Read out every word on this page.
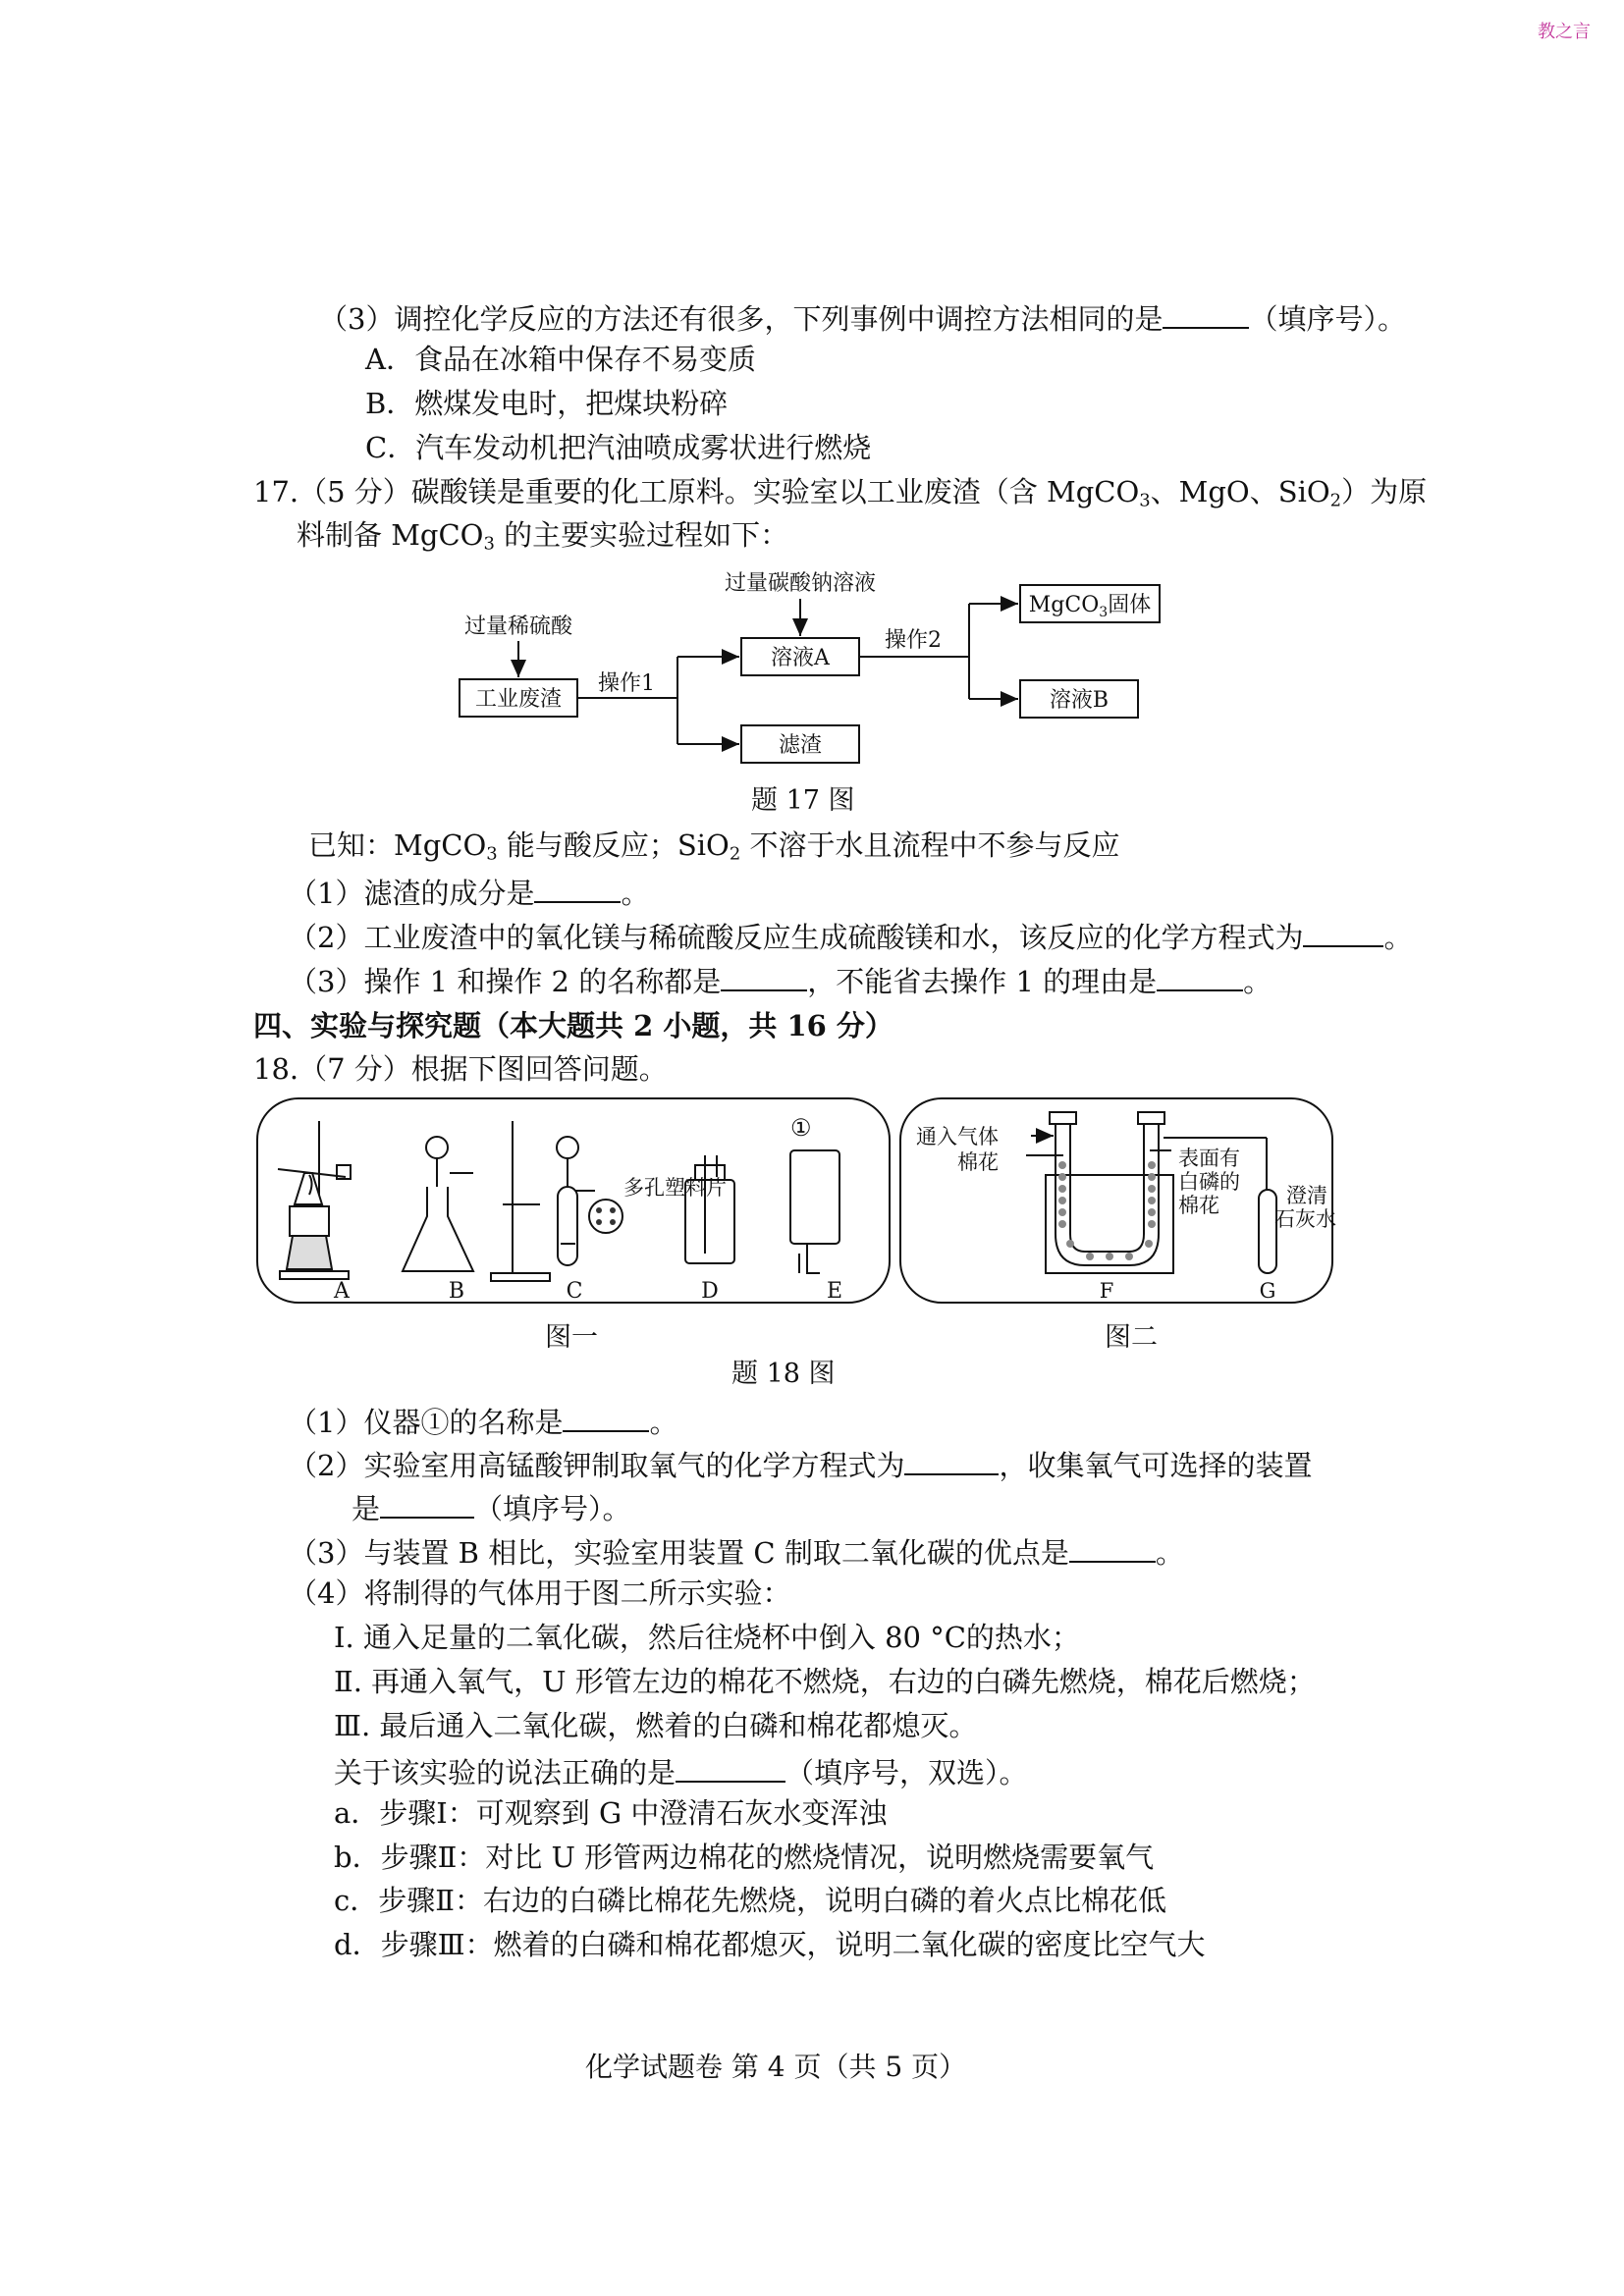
教之言
（3）调控化学反应的方法还有很多，下列事例中调控方法相同的是	（填序号）。
A．食品在冰箱中保存不易变质
B．燃煤发电时，把煤块粉碎
C．汽车发动机把汽油喷成雾状进行燃烧
17.（5 分）碳酸镁是重要的化工原料。实验室以工业废渣（含 MgCO$_3$、MgO、SiO$_2$）为原
料制备 MgCO$_3$ 的主要实验过程如下：
过量稀硫酸
工业废渣
操作1
溶液A
滤渣
过量碳酸钠溶液
操作2
MgCO$_3$固体
溶液B
题 17 图
已知：MgCO$_3$ 能与酸反应；SiO$_2$ 不溶于水且流程中不参与反应
（1）滤渣的成分是	。
（2）工业废渣中的氧化镁与稀硫酸反应生成硫酸镁和水，该反应的化学方程式为	。
（3）操作 1 和操作 2 的名称都是	，不能省去操作 1 的理由是	。
四、实验与探究题（本大题共 2 小题，共 16 分）
18.（7 分）根据下图回答问题。
多孔塑料片
①
A	B	C	D	E
通入气体
棉花	表面有
白磷的
棉花	澄清
石灰水
F	G
图一	图二
题 18 图
（1）仪器①的名称是	。
（2）实验室用高锰酸钾制取氧气的化学方程式为	，收集氧气可选择的装置
是	（填序号）。
（3）与装置 B 相比，实验室用装置 C 制取二氧化碳的优点是	。
（4）将制得的气体用于图二所示实验：
Ⅰ. 通入足量的二氧化碳，然后往烧杯中倒入 80 °C的热水；
Ⅱ. 再通入氧气，U 形管左边的棉花不燃烧，右边的白磷先燃烧，棉花后燃烧；
Ⅲ. 最后通入二氧化碳，燃着的白磷和棉花都熄灭。
关于该实验的说法正确的是	（填序号，双选）。
a．步骤Ⅰ：可观察到 G 中澄清石灰水变浑浊
b．步骤Ⅱ：对比 U 形管两边棉花的燃烧情况，说明燃烧需要氧气
c．步骤Ⅱ：右边的白磷比棉花先燃烧，说明白磷的着火点比棉花低
d．步骤Ⅲ：燃着的白磷和棉花都熄灭，说明二氧化碳的密度比空气大
化学试题卷 第 4 页（共 5 页）
